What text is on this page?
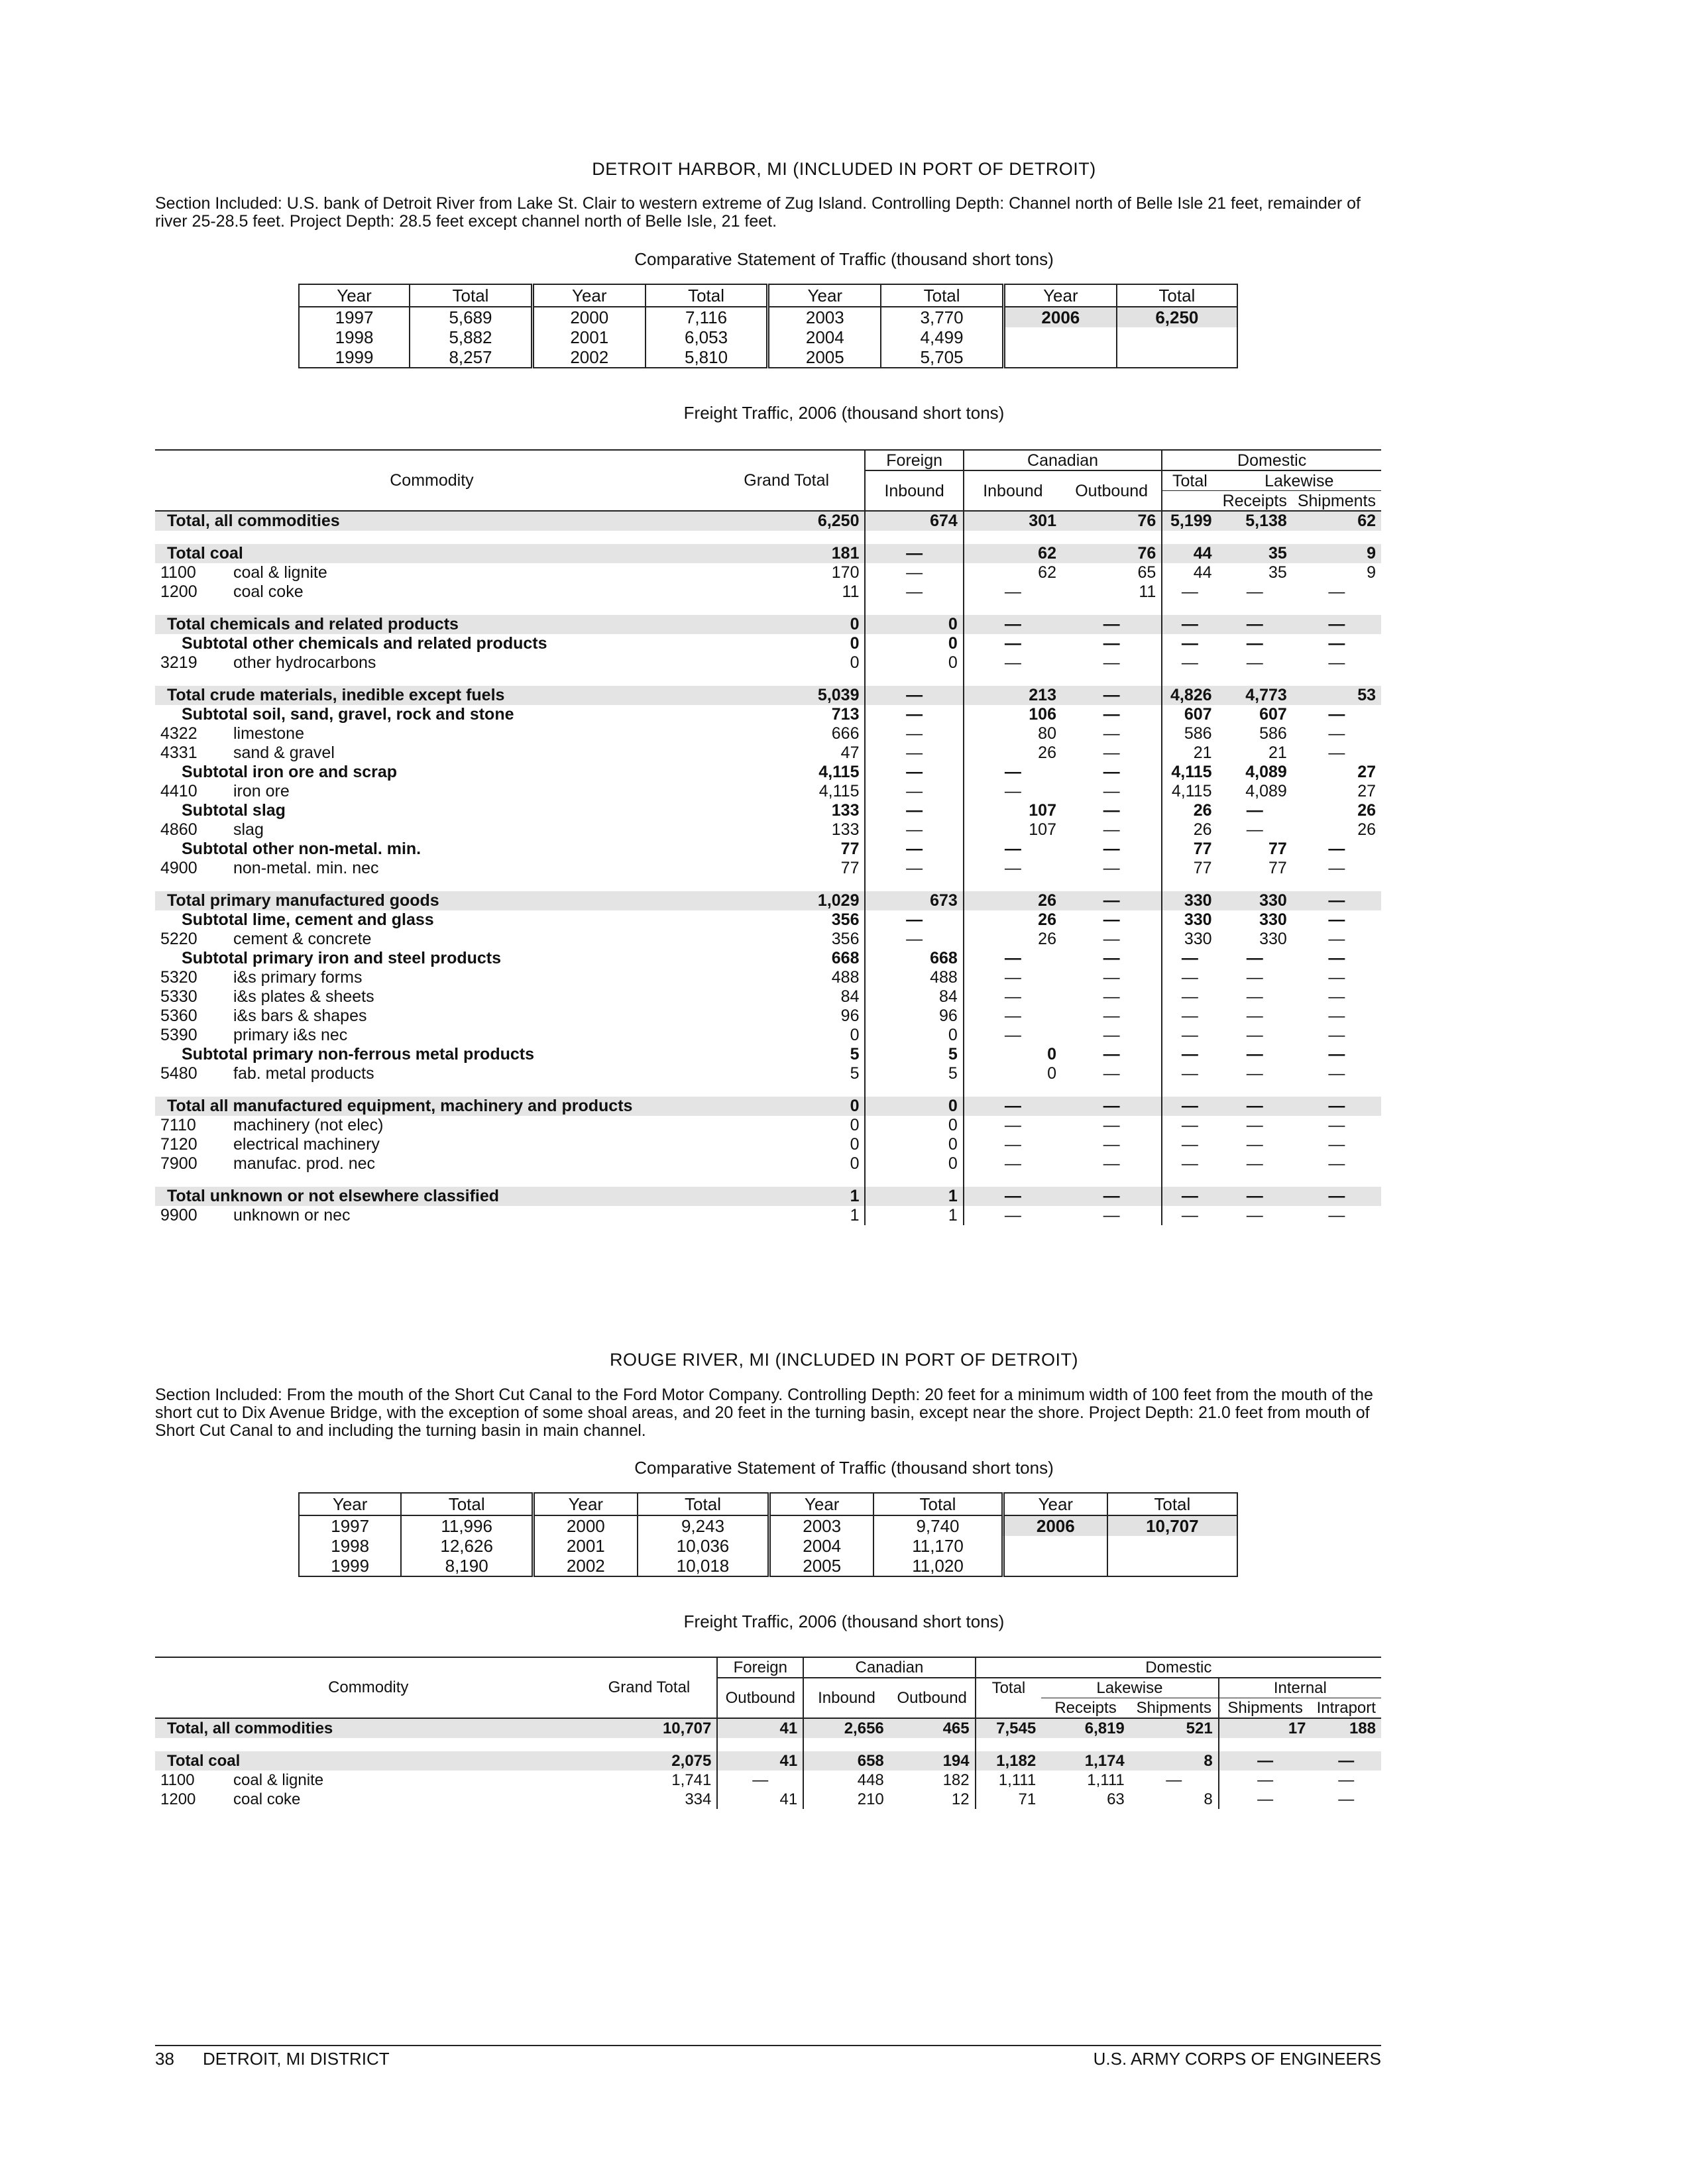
DETROIT HARBOR, MI (INCLUDED IN PORT OF DETROIT)
Section Included: U.S. bank of Detroit River from Lake St. Clair to western extreme of Zug Island. Controlling Depth: Channel north of Belle Isle 21 feet, remainder of river 25-28.5 feet. Project Depth: 28.5 feet except channel north of Belle Isle, 21 feet.
Comparative Statement of Traffic (thousand short tons)
Year	Total	Year	Total	Year	Total	Year	Total
1997	5,689	2000	7,116	2003	3,770	2006	6,250
1998	5,882	2001	6,053	2004	4,499		
1999	8,257	2002	5,810	2005	5,705		
Freight Traffic, 2006 (thousand short tons)
Commodity	Grand Total	Foreign	Canadian		Domestic		
		Inbound	Inbound	Outbound	Total	Lakewise	
						Receipts	Shipments
Total, all commodities	6,250	674	301	76	5,199	5,138	62

Total coal	181	—	62	76	44	35	9
1100 coal & lignite	170	—	62	65	44	35	9
1200 coal coke	11	—	—	11	—	—	—

Total chemicals and related products	0	0	—	—	—	—	—
Subtotal other chemicals and related products	0	0	—	—	—	—	—
3219 other hydrocarbons	0	0	—	—	—	—	—

Total crude materials, inedible except fuels	5,039	—	213	—	4,826	4,773	53
Subtotal soil, sand, gravel, rock and stone	713	—	106	—	607	607	—
4322 limestone	666	—	80	—	586	586	—
4331 sand & gravel	47	—	26	—	21	21	—
Subtotal iron ore and scrap	4,115	—	—	—	4,115	4,089	27
4410 iron ore	4,115	—	—	—	4,115	4,089	27
Subtotal slag	133	—	107	—	26	—	26
4860 slag	133	—	107	—	26	—	26
Subtotal other non-metal. min.	77	—	—	—	77	77	—
4900 non-metal. min. nec	77	—	—	—	77	77	—

Total primary manufactured goods	1,029	673	26	—	330	330	—
Subtotal lime, cement and glass	356	—	26	—	330	330	—
5220 cement & concrete	356	—	26	—	330	330	—
Subtotal primary iron and steel products	668	668	—	—	—	—	—
5320 i&s primary forms	488	488	—	—	—	—	—
5330 i&s plates & sheets	84	84	—	—	—	—	—
5360 i&s bars & shapes	96	96	—	—	—	—	—
5390 primary i&s nec	0	0	—	—	—	—	—
Subtotal primary non-ferrous metal products	5	5	0	—	—	—	—
5480 fab. metal products	5	5	0	—	—	—	—

Total all manufactured equipment, machinery and products	0	0	—	—	—	—	—
7110 machinery (not elec)	0	0	—	—	—	—	—
7120 electrical machinery	0	0	—	—	—	—	—
7900 manufac. prod. nec	0	0	—	—	—	—	—

Total unknown or not elsewhere classified	1	1	—	—	—	—	—
9900 unknown or nec	1	1	—	—	—	—	—
ROUGE RIVER, MI (INCLUDED IN PORT OF DETROIT)
Section Included: From the mouth of the Short Cut Canal to the Ford Motor Company. Controlling Depth: 20 feet for a minimum width of 100 feet from the mouth of the short cut to Dix Avenue Bridge, with the exception of some shoal areas, and 20 feet in the turning basin, except near the shore. Project Depth: 21.0 feet from mouth of Short Cut Canal to and including the turning basin in main channel.
Comparative Statement of Traffic (thousand short tons)
Year	Total	Year	Total	Year	Total	Year	Total
1997	11,996	2000	9,243	2003	9,740	2006	10,707
1998	12,626	2001	10,036	2004	11,170		
1999	8,190	2002	10,018	2005	11,020		
Freight Traffic, 2006 (thousand short tons)
Commodity	Grand Total	Foreign	Canadian		Domestic				
		Outbound	Inbound	Outbound	Total	Lakewise		Internal	
						Receipts	Shipments	Shipments	Intraport
Total, all commodities	10,707	41	2,656	465	7,545	6,819	521	17	188

Total coal	2,075	41	658	194	1,182	1,174	8	—	—
1100 coal & lignite	1,741	—	448	182	1,111	1,111	—	—	—
1200 coal coke	334	41	210	12	71	63	8	—	—
38 DETROIT, MI DISTRICT	U.S. ARMY CORPS OF ENGINEERS
